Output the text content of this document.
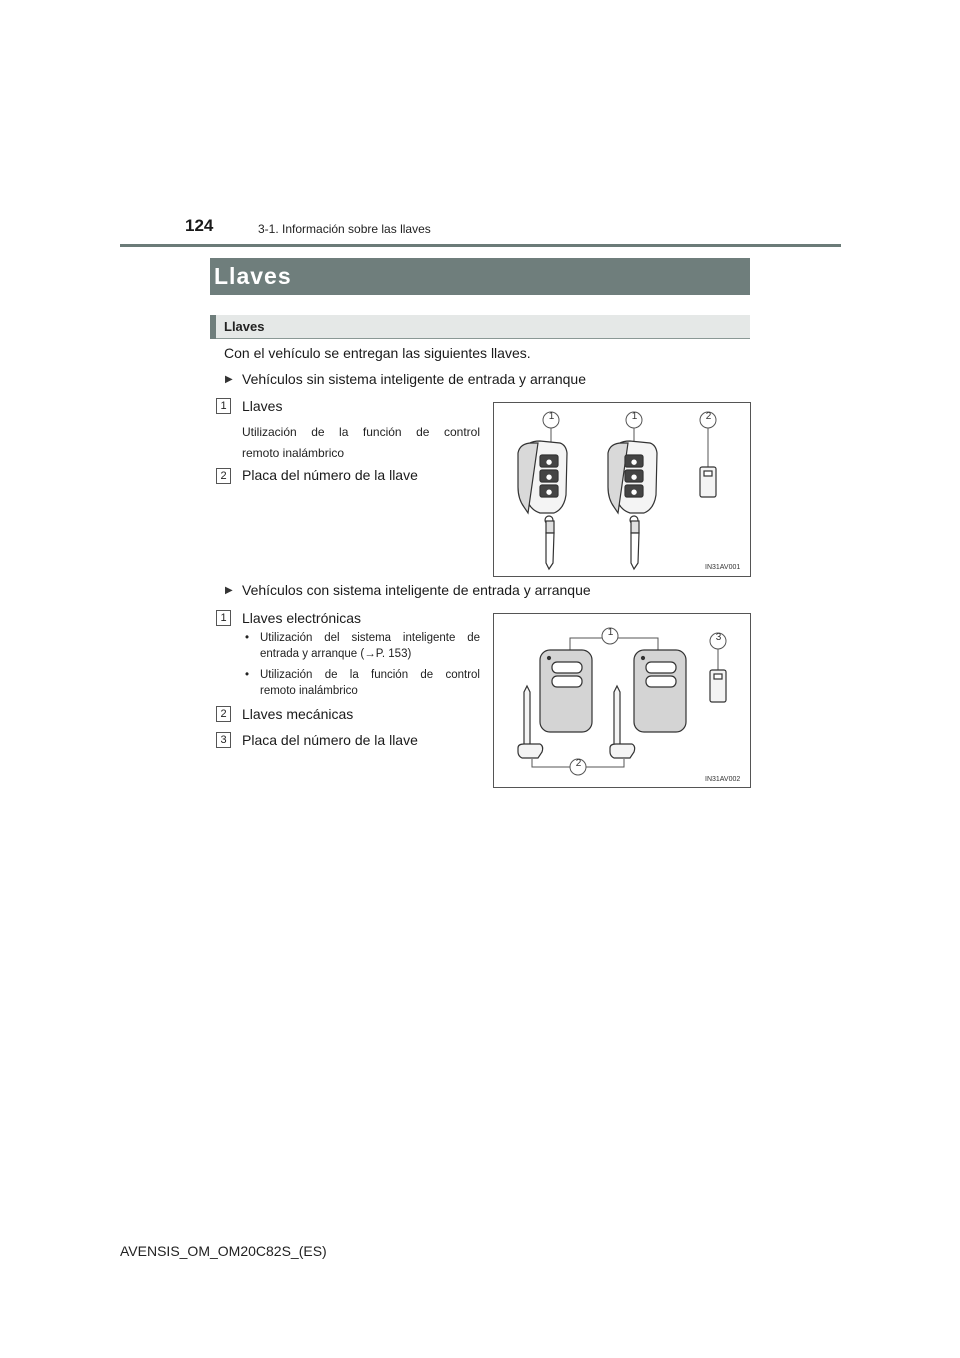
124	3-1. Información sobre las llaves
Llaves
Llaves
Con el vehículo se entregan las siguientes llaves.
▶ Vehículos sin sistema inteligente de entrada y arranque
1	Llaves
Utilización de la función de control
remoto inalámbrico
2	Placa del número de la llave
●
●
●
●
●
●
1	1	2
IN31AV001
▶ Vehículos con sistema inteligente de entrada y arranque
1	Llaves electrónicas
• Utilización del sistema inteligente de
entrada y arranque (→P. 153)
• Utilización de la función de control
remoto inalámbrico
2	Llaves mecánicas
3	Placa del número de la llave
1
2
3
IN31AV002
AVENSIS_OM_OM20C82S_(ES)
